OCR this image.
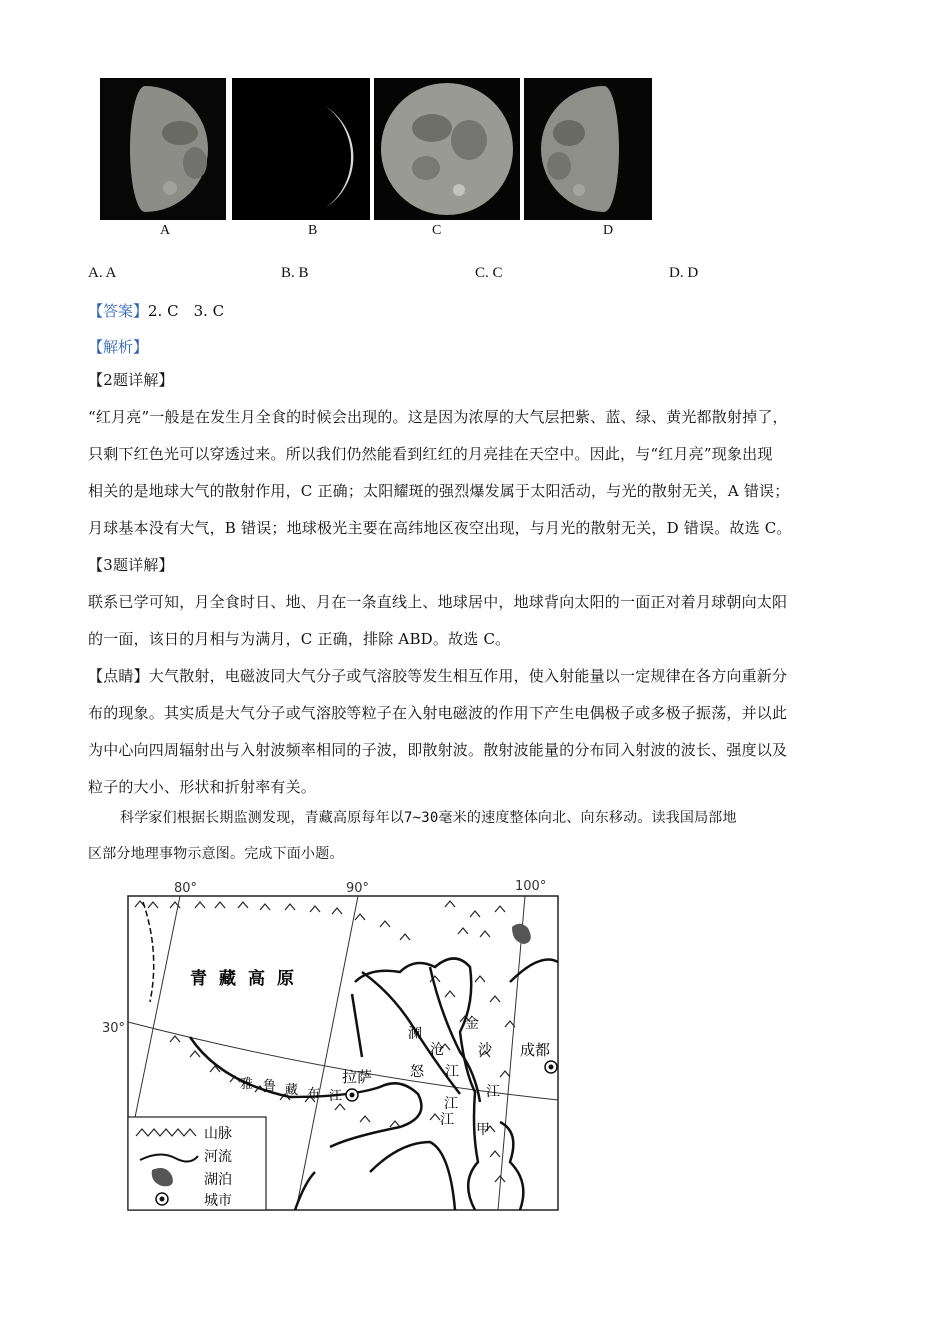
A	B	C	D
A. A	B. B	C. C	D. D
【答案】2. C　3. C
【解析】

【2题详解】

“红月亮”一般是在发生月全食的时候会出现的。这是因为浓厚的大气层把紫、蓝、绿、黄光都散射掉了，

只剩下红色光可以穿透过来。所以我们仍然能看到红红的月亮挂在天空中。因此，与“红月亮”现象出现

相关的是地球大气的散射作用，C 正确；太阳耀斑的强烈爆发属于太阳活动，与光的散射无关，A 错误；

月球基本没有大气，B 错误；地球极光主要在高纬地区夜空出现，与月光的散射无关，D 错误。故选 C。

【3题详解】

联系已学可知，月全食时日、地、月在一条直线上、地球居中，地球背向太阳的一面正对着月球朝向太阳

的一面，该日的月相与为满月，C 正确，排除 ABD。故选 C。

【点睛】大气散射，电磁波同大气分子或气溶胶等发生相互作用，使入射能量以一定规律在各方向重新分

布的现象。其实质是大气分子或气溶胶等粒子在入射电磁波的作用下产生电偶极子或多极子振荡，并以此

为中心向四周辐射出与入射波频率相同的子波，即散射波。散射波能量的分布同入射波的波长、强度以及

粒子的大小、形状和折射率有关。

科学家们根据长期监测发现，青藏高原每年以7~30毫米的速度整体向北、向东移动。读我国局部地

区部分地理事物示意图。完成下面小题。

80°	90°	100°
30°
青藏高原
拉萨
成都
雅 鲁 藏 布 江
澜
沧
江
金
沙
江
怒
江
江
甲
山脉
河流
湖泊
城市
